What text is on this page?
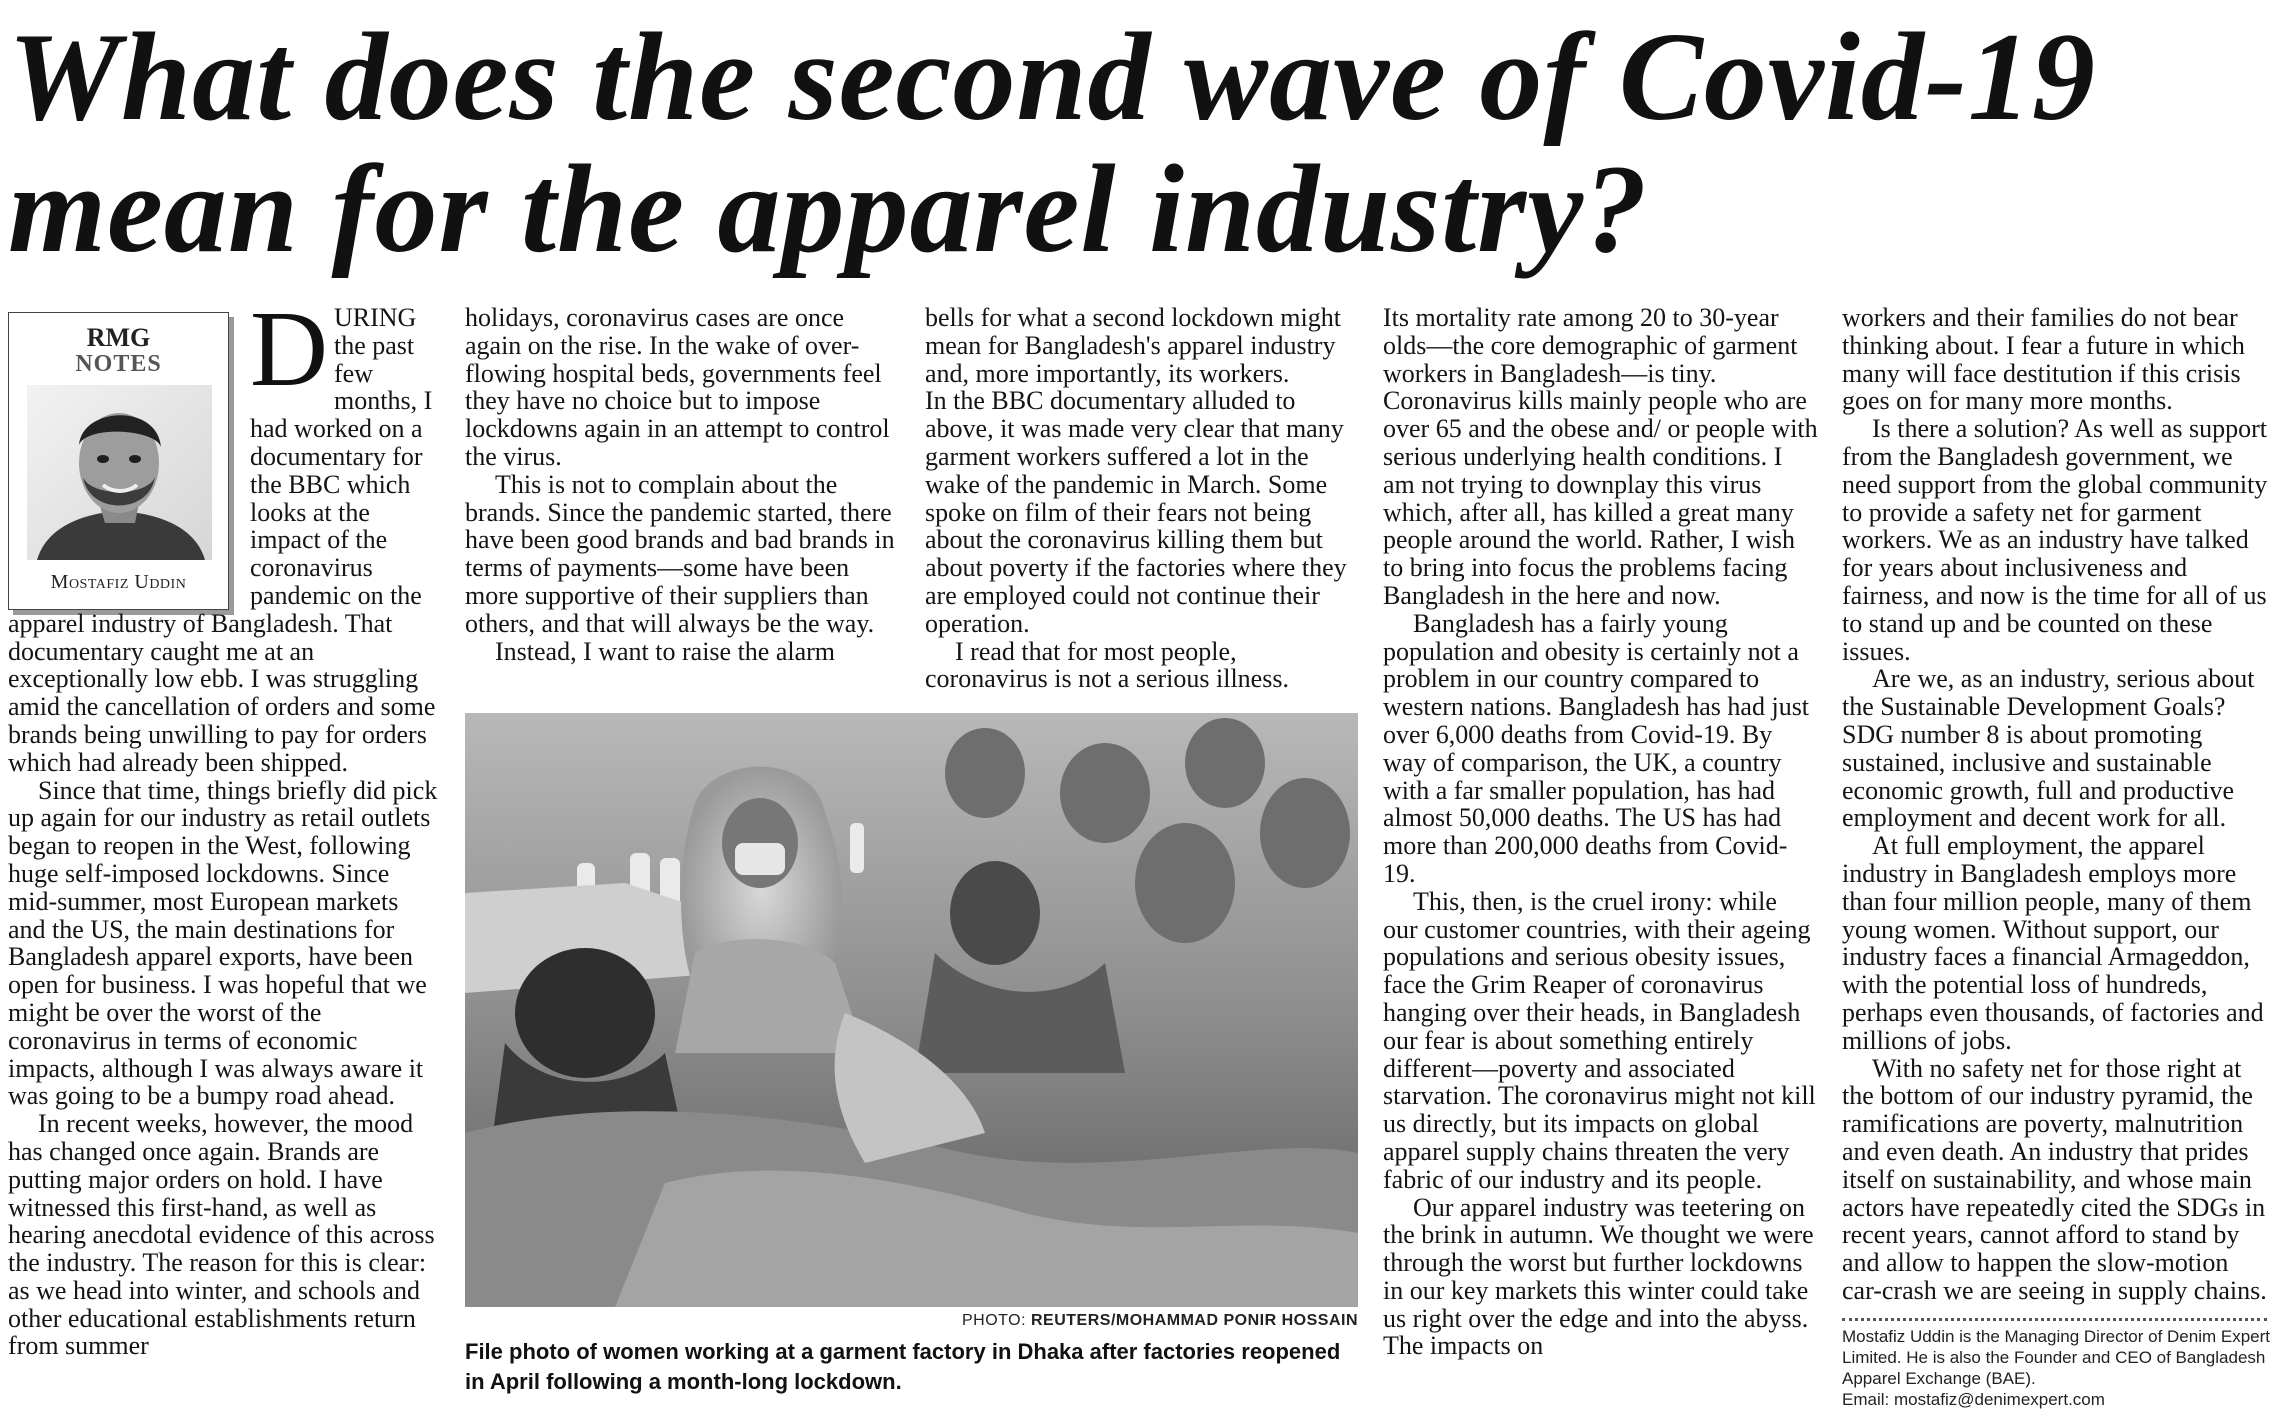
What does the second wave of Covid-19
mean for the apparel industry?
RMG
NOTES
Mostafiz Uddin

DURING the past few months, I had worked on a documentary for the BBC which looks at the impact of the coronavirus pandemic on the apparel industry of Bangladesh. That documentary caught me at an exceptionally low ebb. I was struggling amid the cancellation of orders and some brands being unwilling to pay for orders which had already been shipped.

Since that time, things briefly did pick up again for our industry as retail outlets began to reopen in the West, following huge self-imposed lockdowns. Since mid-summer, most European markets and the US, the main destinations for Bangladesh apparel exports, have been open for business. I was hopeful that we might be over the worst of the coronavirus in terms of economic impacts, although I was always aware it was going to be a bumpy road ahead.

In recent weeks, however, the mood has changed once again. Brands are putting major orders on hold. I have witnessed this first-hand, as well as hearing anecdotal evidence of this across the industry. The reason for this is clear: as we head into winter, and schools and other educational establishments return from summer

holidays, coronavirus cases are once again on the rise. In the wake of over-flowing hospital beds, governments feel they have no choice but to impose lockdowns again in an attempt to control the virus.

This is not to complain about the brands. Since the pandemic started, there have been good brands and bad brands in terms of payments—some have been more supportive of their suppliers than others, and that will always be the way.

Instead, I want to raise the alarm

bells for what a second lockdown might mean for Bangladesh's apparel industry and, more importantly, its workers.

In the BBC documentary alluded to above, it was made very clear that many garment workers suffered a lot in the wake of the pandemic in March. Some spoke on film of their fears not being about the coronavirus killing them but about poverty if the factories where they are employed could not continue their operation.

I read that for most people, coronavirus is not a serious illness.

PHOTO: REUTERS/MOHAMMAD PONIR HOSSAIN
File photo of women working at a garment factory in Dhaka after factories reopened in April following a month-long lockdown.

Its mortality rate among 20 to 30-year olds—the core demographic of garment workers in Bangladesh—is tiny. Coronavirus kills mainly people who are over 65 and the obese and/ or people with serious underlying health conditions. I am not trying to downplay this virus which, after all, has killed a great many people around the world. Rather, I wish to bring into focus the problems facing Bangladesh in the here and now.

Bangladesh has a fairly young population and obesity is certainly not a problem in our country compared to western nations. Bangladesh has had just over 6,000 deaths from Covid-19. By way of comparison, the UK, a country with a far smaller population, has had almost 50,000 deaths. The US has had more than 200,000 deaths from Covid-19.

This, then, is the cruel irony: while our customer countries, with their ageing populations and serious obesity issues, face the Grim Reaper of coronavirus hanging over their heads, in Bangladesh our fear is about something entirely different—poverty and associated starvation. The coronavirus might not kill us directly, but its impacts on global apparel supply chains threaten the very fabric of our industry and its people.

Our apparel industry was teetering on the brink in autumn. We thought we were through the worst but further lockdowns in our key markets this winter could take us right over the edge and into the abyss. The impacts on

workers and their families do not bear thinking about. I fear a future in which many will face destitution if this crisis goes on for many more months.

Is there a solution? As well as support from the Bangladesh government, we need support from the global community to provide a safety net for garment workers. We as an industry have talked for years about inclusiveness and fairness, and now is the time for all of us to stand up and be counted on these issues.

Are we, as an industry, serious about the Sustainable Development Goals? SDG number 8 is about promoting sustained, inclusive and sustainable economic growth, full and productive employment and decent work for all.

At full employment, the apparel industry in Bangladesh employs more than four million people, many of them young women. Without support, our industry faces a financial Armageddon, with the potential loss of hundreds, perhaps even thousands, of factories and millions of jobs.

With no safety net for those right at the bottom of our industry pyramid, the ramifications are poverty, malnutrition and even death. An industry that prides itself on sustainability, and whose main actors have repeatedly cited the SDGs in recent years, cannot afford to stand by and allow to happen the slow-motion car-crash we are seeing in supply chains.

Mostafiz Uddin is the Managing Director of Denim Expert Limited. He is also the Founder and CEO of Bangladesh Apparel Exchange (BAE).
Email: mostafiz@denimexpert.com
